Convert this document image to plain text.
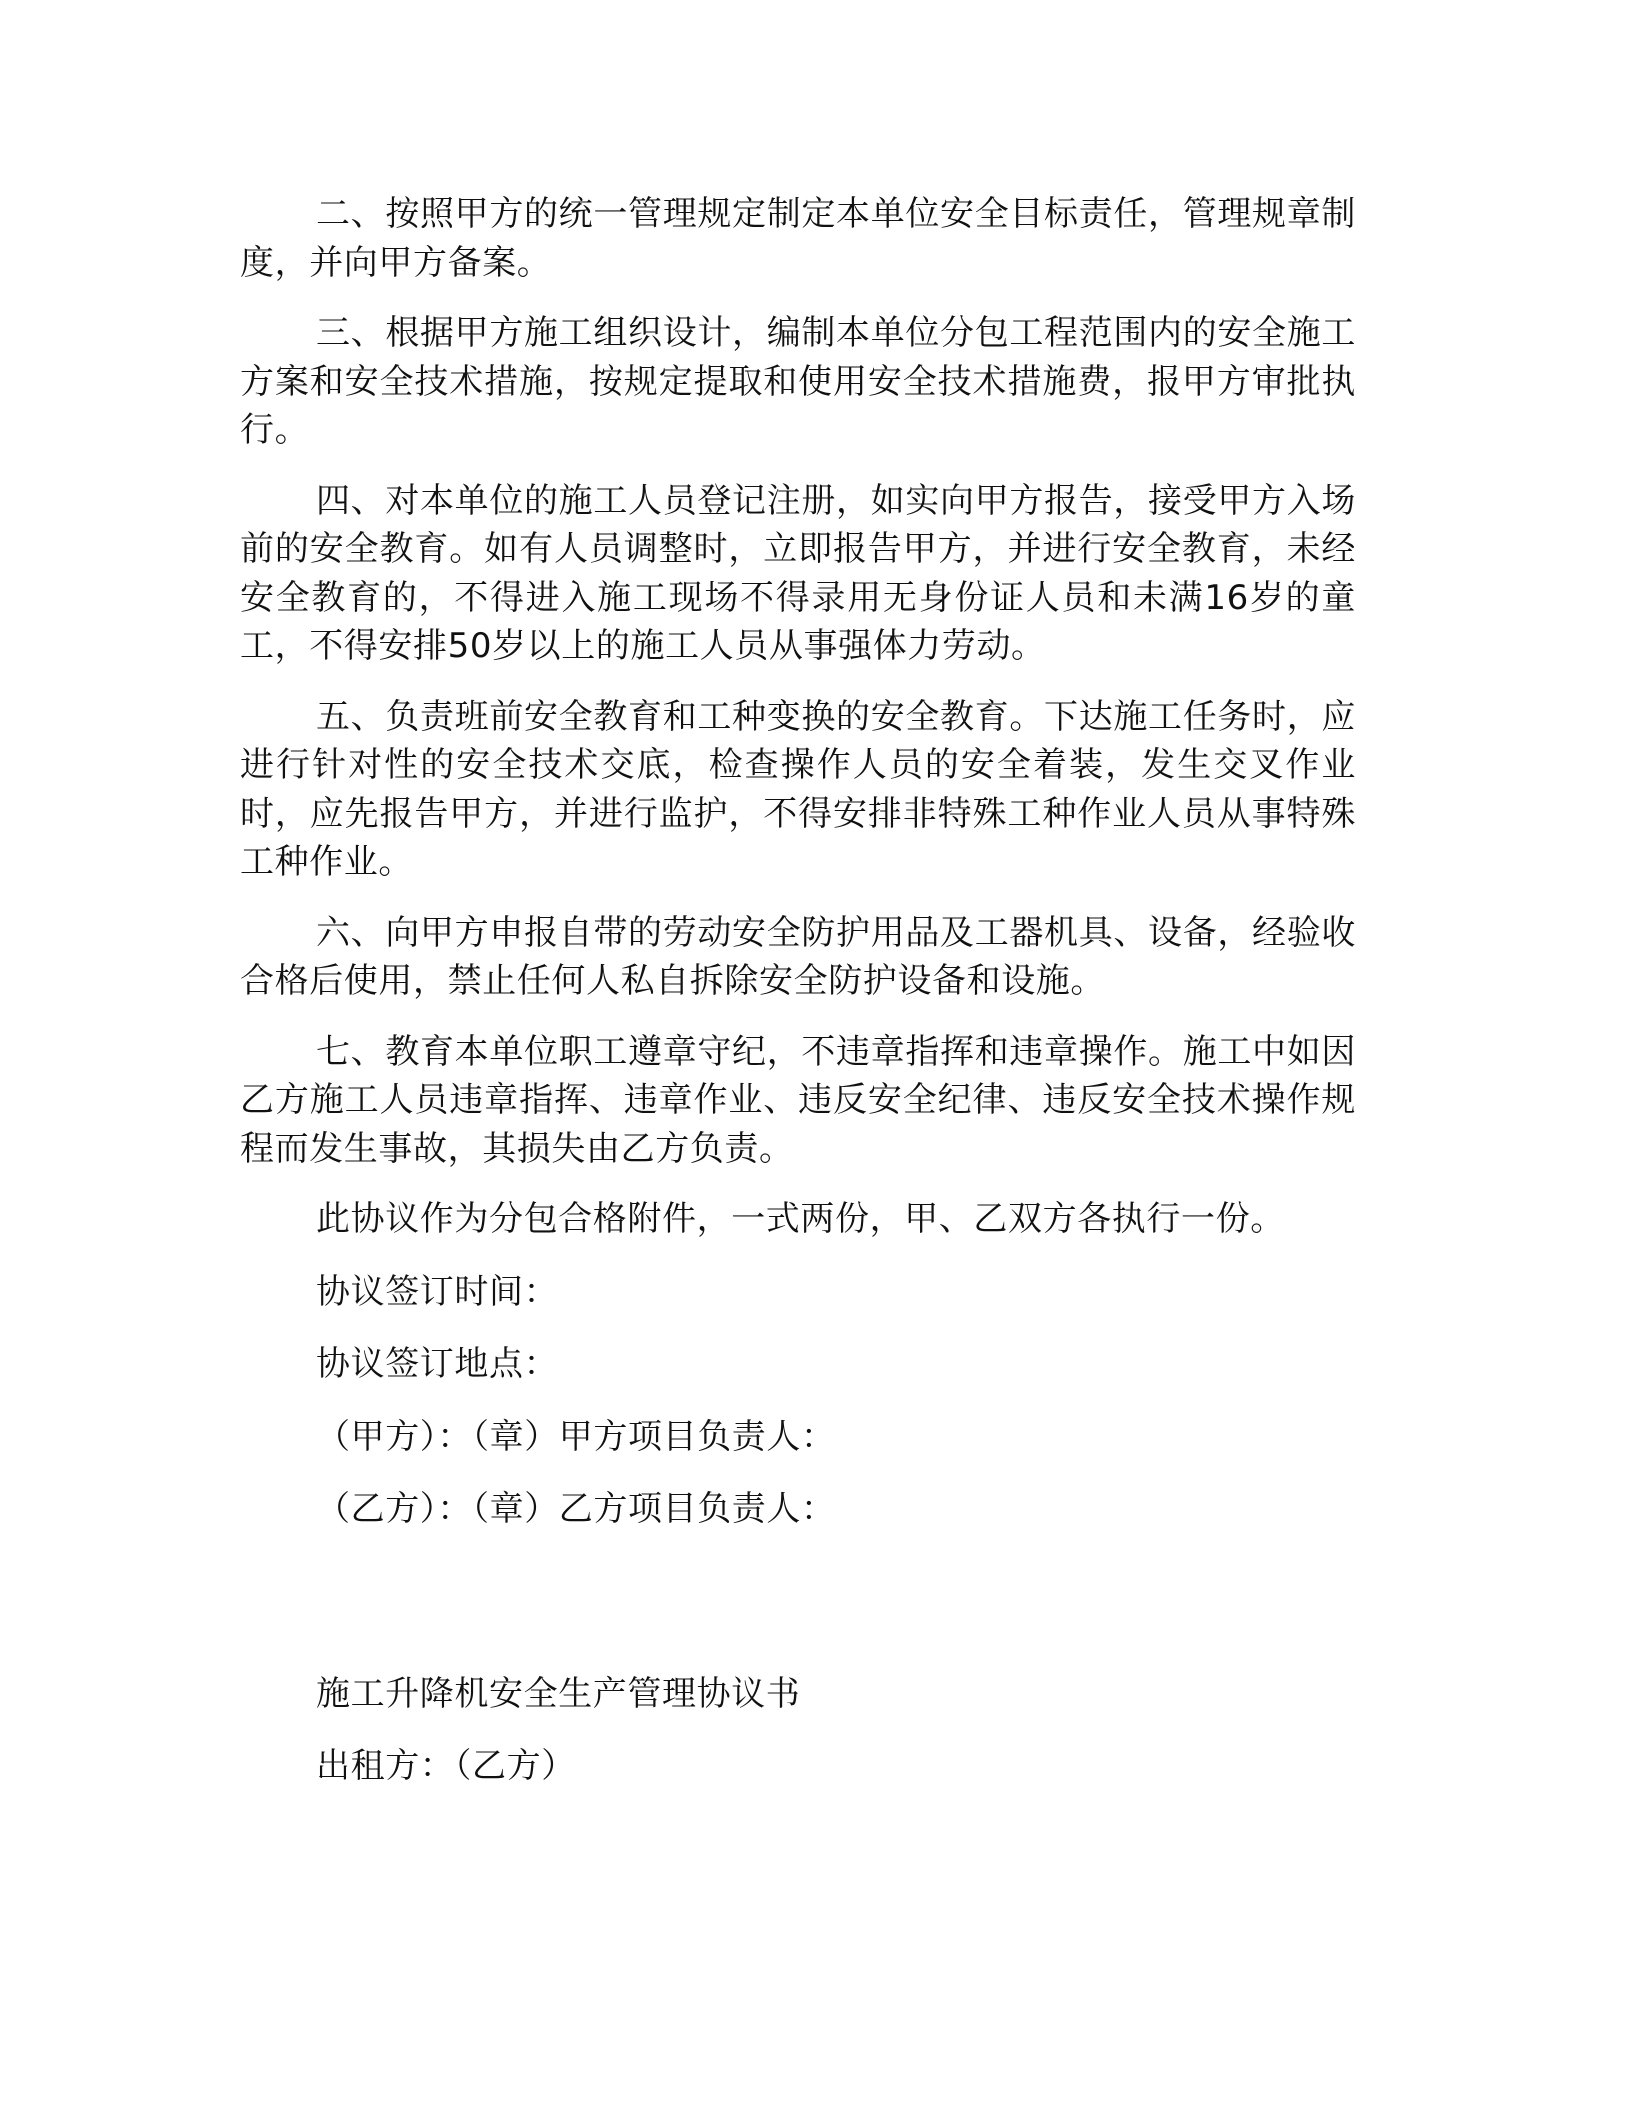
二、按照甲方的统一管理规定制定本单位安全目标责任，管理规章制度，并向甲方备案。

三、根据甲方施工组织设计，编制本单位分包工程范围内的安全施工方案和安全技术措施，按规定提取和使用安全技术措施费，报甲方审批执行。

四、对本单位的施工人员登记注册，如实向甲方报告，接受甲方入场前的安全教育。如有人员调整时，立即报告甲方，并进行安全教育，未经安全教育的，不得进入施工现场不得录用无身份证人员和未满16岁的童工，不得安排50岁以上的施工人员从事强体力劳动。

五、负责班前安全教育和工种变换的安全教育。下达施工任务时，应进行针对性的安全技术交底，检查操作人员的安全着装，发生交叉作业时，应先报告甲方，并进行监护，不得安排非特殊工种作业人员从事特殊工种作业。

六、向甲方申报自带的劳动安全防护用品及工器机具、设备，经验收合格后使用，禁止任何人私自拆除安全防护设备和设施。

七、教育本单位职工遵章守纪，不违章指挥和违章操作。施工中如因乙方施工人员违章指挥、违章作业、违反安全纪律、违反安全技术操作规程而发生事故，其损失由乙方负责。

此协议作为分包合格附件，一式两份，甲、乙双方各执行一份。
协议签订时间：
协议签订地点：
（甲方）：（章）甲方项目负责人：
（乙方）：（章）乙方项目负责人：
施工升降机安全生产管理协议书
出租方：（乙方）
